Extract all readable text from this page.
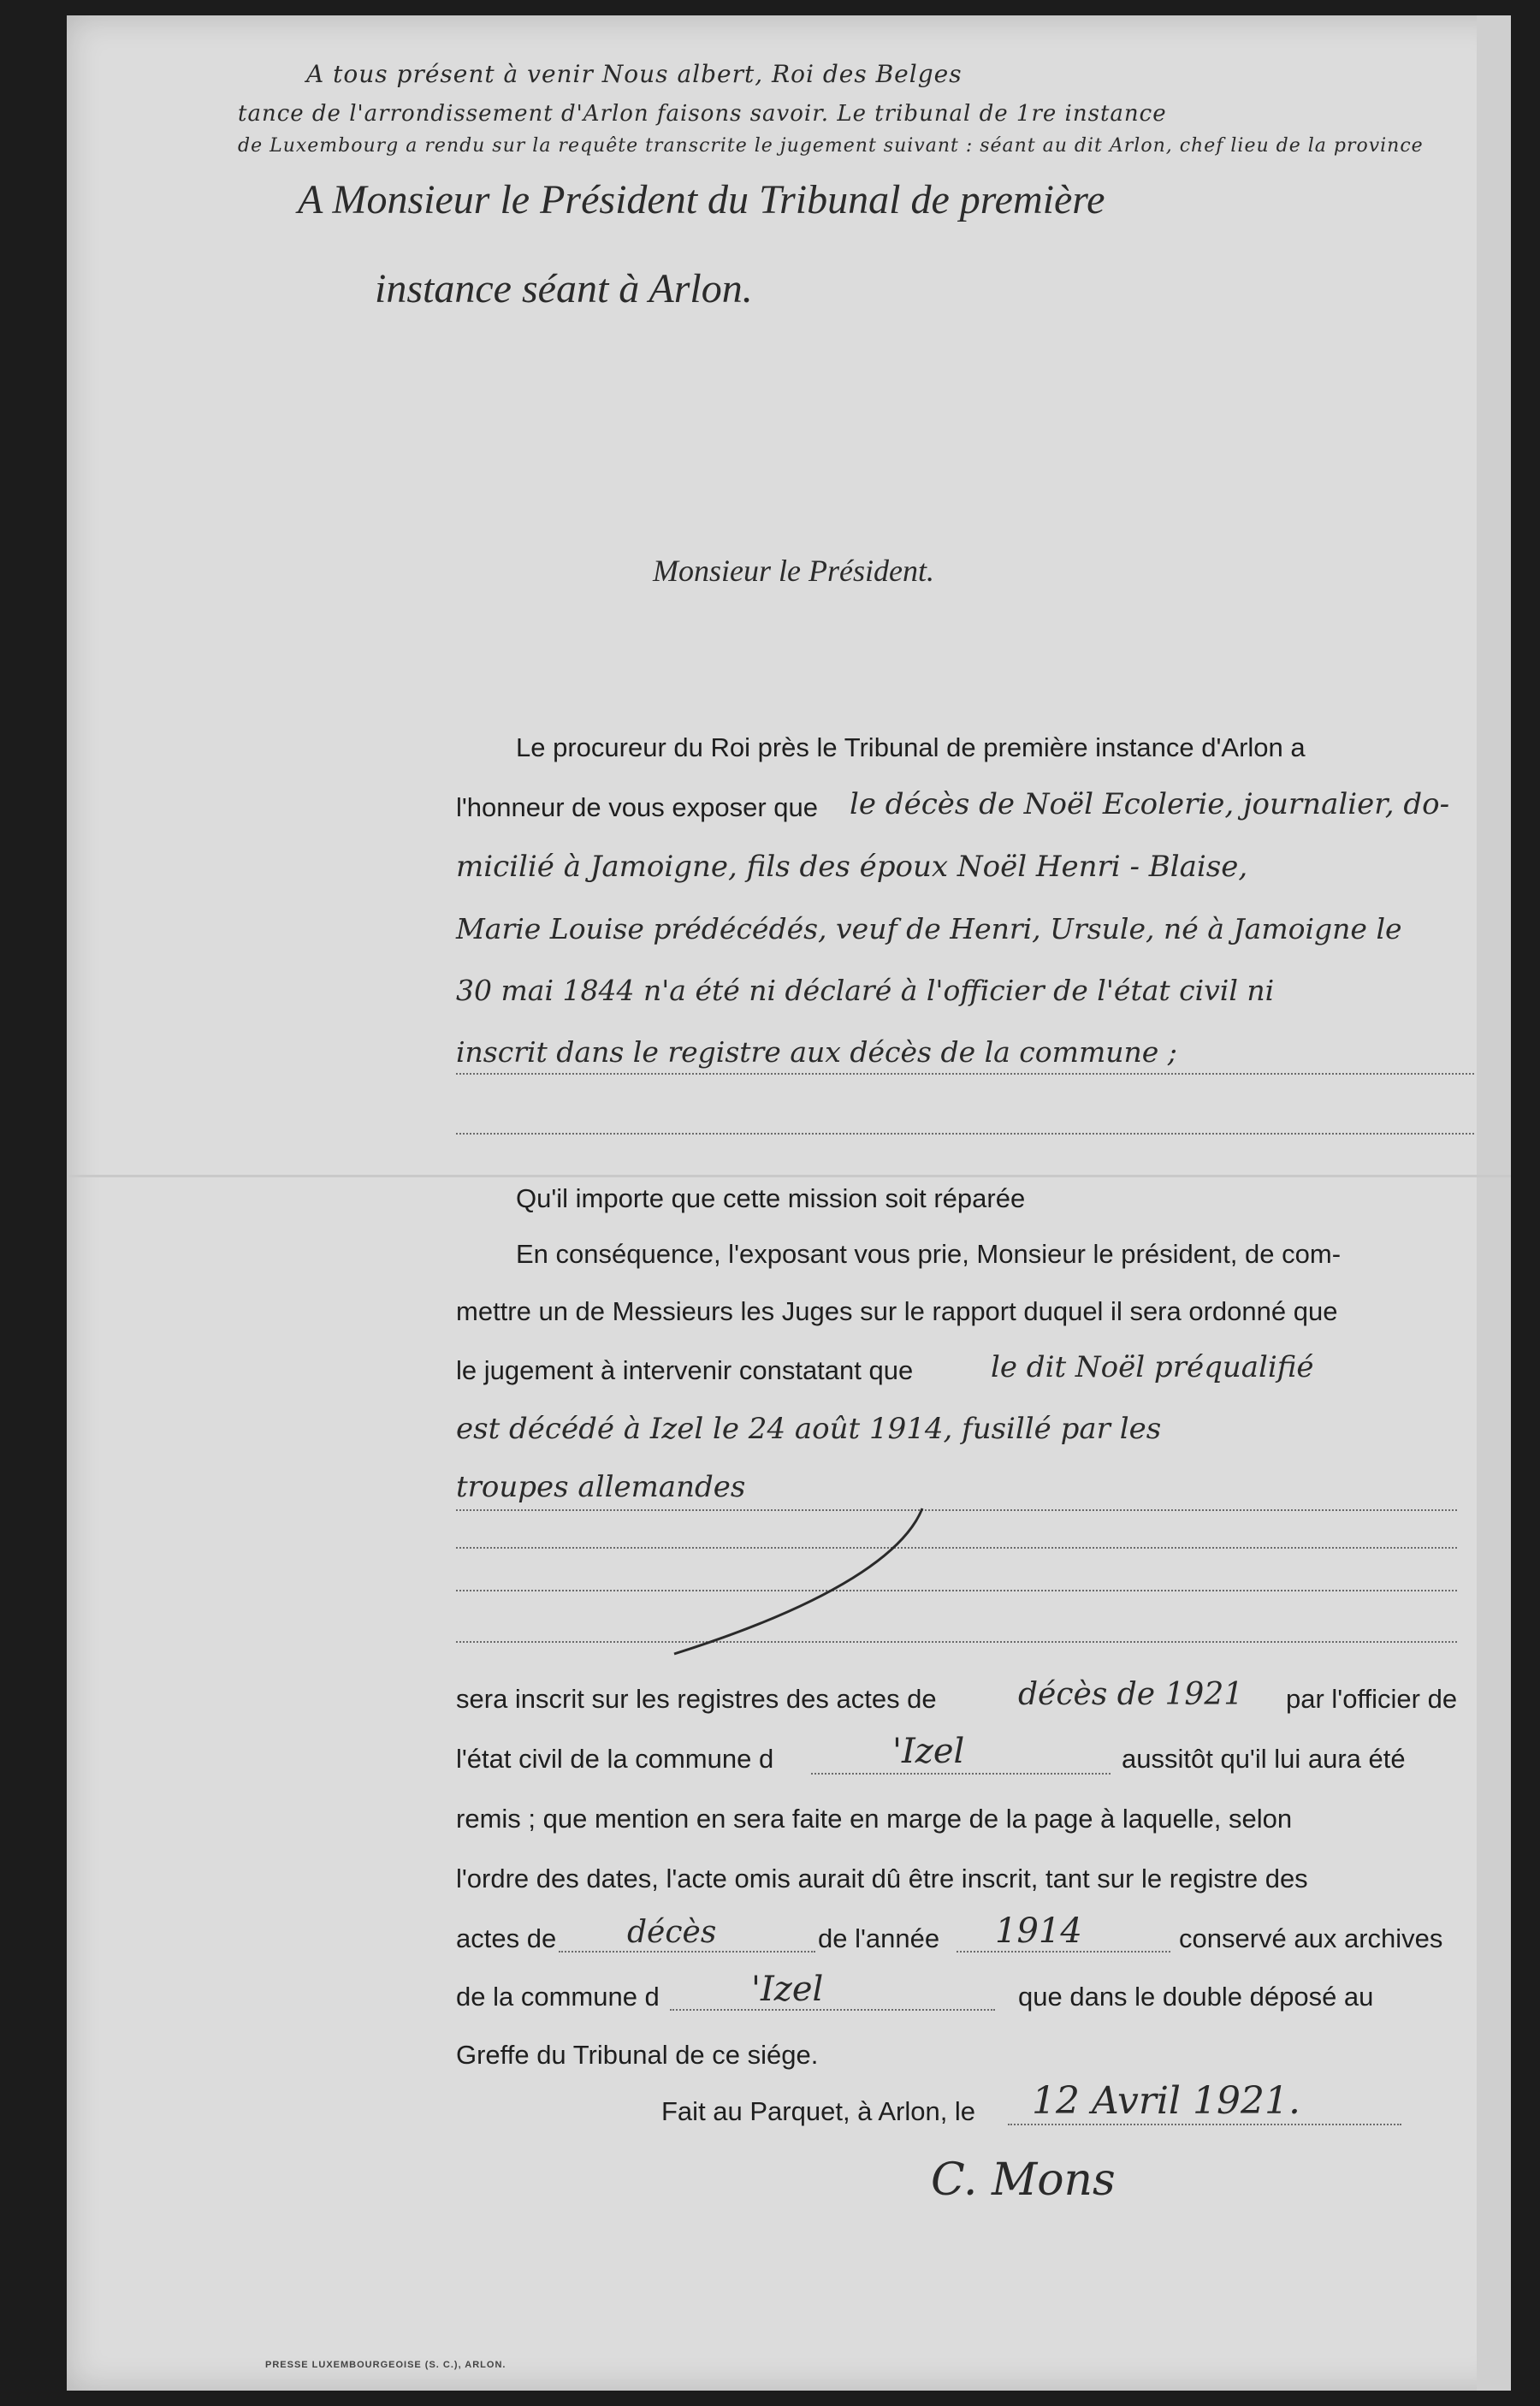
A tous présent à venir Nous albert, Roi des Belges
tance de l'arrondissement d'Arlon faisons savoir. Le tribunal de 1re instance
de Luxembourg a rendu sur la requête transcrite le jugement suivant : séant au dit Arlon, chef lieu de la province
A Monsieur le Président du Tribunal de première
instance séant à Arlon.
Monsieur le Président.
Le procureur du Roi près le Tribunal de première instance d'Arlon a
l'honneur de vous exposer que le décès de Noël Ecolerie, journalier, do-
micilié à Jamoigne, fils des époux Noël Henri - Blaise,
Marie Louise prédécédés, veuf de Henri, Ursule, né à Jamoigne le
30 mai 1844 n'a été ni déclaré à l'officier de l'état civil ni
inscrit dans le registre aux décès de la commune ;
Qu'il importe que cette mission soit réparée
En conséquence, l'exposant vous prie, Monsieur le président, de com-
mettre un de Messieurs les Juges sur le rapport duquel il sera ordonné que
le jugement à intervenir constatant que	le dit Noël préqualifié
est décédé à Izel le 24 août 1914, fusillé par les
troupes allemandes
sera inscrit sur les registres des actes de	décès de 1921 par l'officier de
l'état civil de la commune d	'Izel	aussitôt qu'il lui aura été
remis ; que mention en sera faite en marge de la page à laquelle, selon
l'ordre des dates, l'acte omis aurait dû être inscrit, tant sur le registre des
actes de décès	de l'année 1914	conservé aux archives
de la commune d	'Izel	que dans le double déposé au
Greffe du Tribunal de ce siége.
Fait au Parquet, à Arlon, le 12 Avril 1921.
C. Mons
PRESSE LUXEMBOURGEOISE (S. C.), ARLON.
